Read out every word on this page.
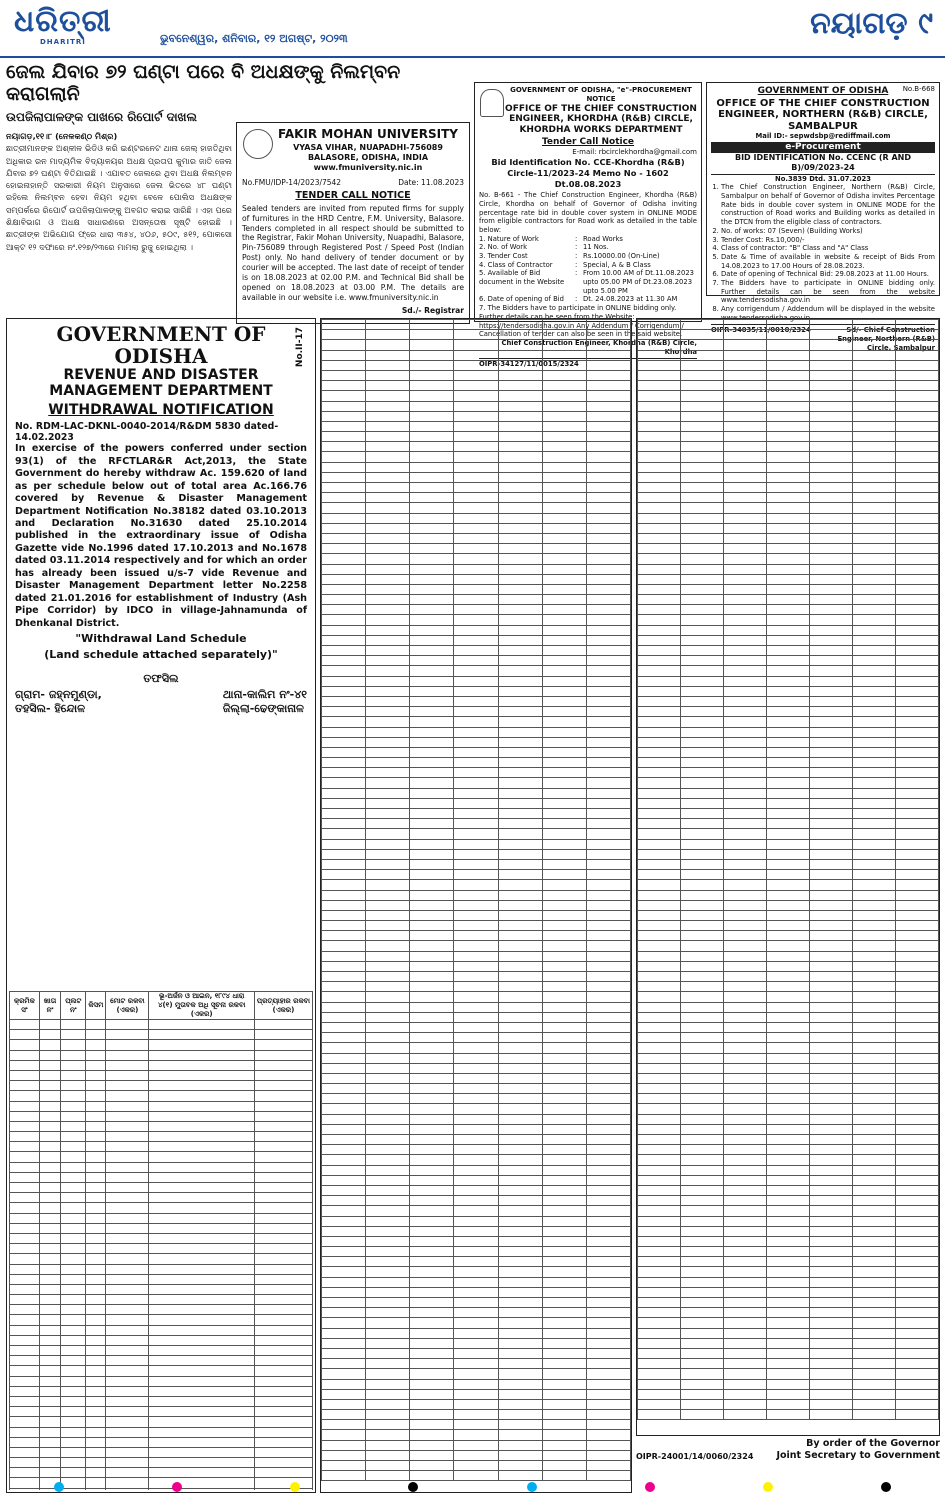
ଧରିତ୍ରୀ
DHARITRI	ଭୁବନେଶ୍ୱର, ଶନିବାର, ୧୨ ଅଗଷ୍ଟ, ୨୦୨୩	ନୟାଗଡ଼ ୯
ଜେଲ ଯିବାର ୭୨ ଘଣ୍ଟା ପରେ ବି ଅଧକ୍ଷଙ୍କୁ ନିଲମ୍ବନ କରାଗଲାନି
ଉପଜିଲାପାଳଙ୍କ ପାଖରେ ରିପୋର୍ଟ ଦାଖଲ
ନୟାଗଡ଼,୧୧।୮ (ନେଳକଣ୍ଠ ମିଶ୍ର)
ଛାତ୍ରୀମାନଙ୍କ ଅଶ୍ଳୀଳ ଭିଡିଓ କରି ଇଣ୍ଟରନେଟ ଥାନା ଜେଲ୍ ହାଜତିଥିବା ଅଧିକାର ରନ ମାଦ୍ୟମିକ ବିଦ୍ୟାଳୟର ଅଧକ୍ଷ ପ୍ରତାପ କୁମାର ଜାତି ଜେଲ ଯିବାର ୭୨ ଘଣ୍ଟା ବିତିଯାଇଛି । ଏଯାବତ ଜେଲରେ ଥିବା ଅଧକ୍ଷ ନିଲମ୍ବନ ହୋଇନାହାନ୍ତି ସରକାରୀ ନିୟମ ଅନୁସାରେ ଜେଲ ଭିତରେ ୪୮ ଘଣ୍ଟା ରହିଲେ ନିଲମ୍ବନ ହେବା ନିୟମ ହଥିବା ବେଳେ ପୋଲିସ ଅଧକ୍ଷଙ୍କ ସମ୍ପର୍କରେ ରିପୋର୍ଟ ଉପଜିଲାପାଳଙ୍କୁ ଅବଗତ କରାଇ ସାରିଛି । ଏହା ପରେ ଶିକ୍ଷାବିଭାଗ ଓ ଅଧକ୍ଷ ସାଧାରଣରେ ଅସନ୍ତୋଷ ସୃଷ୍ଟି ହୋଇଛି । ଛାତ୍ରୀଙ୍କ ଅଭିଯୋଗ ଫ୍ରେ ଧାରା ୩୫୪, ୪୦୬, ୫୦୯, ୫୧୨, ପୋକସୋ ଆକ୍ଟ ୧୨ ଦଫାରେ ନଂ.୧୨୭/୨୩ରେ ମାମଲା ରୁଜୁ ହୋଇଥିଲା ।
FAKIR MOHAN UNIVERSITY
VYASA VIHAR, NUAPADHI-756089
BALASORE, ODISHA, INDIA
www.fmuniversity.nic.in
No.FMU/IDP-14/2023/7542	Date: 11.08.2023
TENDER CALL NOTICE
Sealed tenders are invited from reputed firms for supply of furnitures in the HRD Centre, F.M. University, Balasore. Tenders completed in all respect should be submitted to the Registrar, Fakir Mohan University, Nuapadhi, Balasore, Pin-756089 through Registered Post / Speed Post (Indian Post) only. No hand delivery of tender document or by courier will be accepted. The last date of receipt of tender is on 18.08.2023 at 02.00 P.M. and Technical Bid shall be opened on 18.08.2023 at 03.00 P.M. The details are available in our website i.e. www.fmuniversity.nic.in
Sd./- Registrar
GOVERNMENT OF ODISHA, "e"-PROCUREMENT NOTICE
OFFICE OF THE CHIEF CONSTRUCTION ENGINEER, KHORDHA (R&B) CIRCLE, KHORDHA WORKS DEPARTMENT
Tender Call Notice
E-mail: rbcirclekhordha@gmail.com
Bid Identification No. CCE-Khordha (R&B) Circle-11/2023-24 Memo No - 1602 Dt.08.08.2023
No. B-661 - The Chief Construction Engineer, Khordha (R&B) Circle, Khordha on behalf of Governor of Odisha inviting percentage rate bid in double cover system in ONLINE MODE from eligible contractors for Road work as detailed in the table below:
1. Nature of Work	: Road Works
2. No. of Work	: 11 Nos.
3. Tender Cost	: Rs.10000.00 (On-Line)
4. Class of Contractor	: Special, A & B Class
5. Available of Bid document in the Website
: From 10.00 AM of Dt.11.08.2023 upto 05.00 PM of Dt.23.08.2023 upto 5.00 PM
6. Date of opening of Bid	: Dt. 24.08.2023 at 11.30 AM
7. The Bidders have to participate in ONLINE bidding only. Further details can be seen from the Website: https://tendersodisha.gov.in Any Addendum / Corrigendum / Cancellation of tender can also be seen in the said website.
Chief Construction Engineer, Khordha (R&B) Circle, Khordha
OIPR-34127/11/0015/2324
No.B-668
GOVERNMENT OF ODISHA
OFFICE OF THE CHIEF CONSTRUCTION ENGINEER, NORTHERN (R&B) CIRCLE, SAMBALPUR
Mail ID:- sepwdsbp@rediffmail.com
e-Procurement
BID IDENTIFICATION No. CCENC (R AND B)/09/2023-24
No.3839 Dtd. 31.07.2023
1. The Chief Construction Engineer, Northern (R&B) Circle, Sambalpur on behalf of Governor of Odisha invites Percentage Rate bids in double cover system in ONLINE MODE for the construction of Road works and Building works as detailed in the DTCN from the eligible class of contractors.
2. No. of works: 07 (Seven) (Building Works)
3. Tender Cost: Rs.10,000/-
4. Class of contractor: "B" Class and "A" Class
5. Date & Time of available in website & receipt of Bids From 14.08.2023 to 17.00 Hours of 28.08.2023.
6. Date of opening of Technical Bid: 29.08.2023 at 11.00 Hours.
7. The Bidders have to participate in ONLINE bidding only. Further details can be seen from the website www.tendersodisha.gov.in
8. Any corrigendum / Addendum will be displayed in the website www.tendersodisha.gov.in
OIPR-34035/11/0010/2324	Sd/- Chief Construction Engineer, Northern (R&B) Circle, Sambalpur
No.II-17
GOVERNMENT OF ODISHA
REVENUE AND DISASTER MANAGEMENT DEPARTMENT
WITHDRAWAL NOTIFICATION
No. RDM-LAC-DKNL-0040-2014/R&DM 5830 dated-14.02.2023
In exercise of the powers conferred under section 93(1) of the RFCTLAR&R Act,2013, the State Government do hereby withdraw Ac. 159.620 of land as per schedule below out of total area Ac.166.76 covered by Revenue & Disaster Management Department Notification No.38182 dated 03.10.2013 and Declaration No.31630 dated 25.10.2014 published in the extraordinary issue of Odisha Gazette vide No.1996 dated 17.10.2013 and No.1678 dated 03.11.2014 respectively and for which an order has already been issued u/s-7 vide Revenue and Disaster Management Department letter No.2258 dated 21.01.2016 for establishment of Industry (Ash Pipe Corridor) by IDCO in village-Jahnamunda of Dhenkanal District.
"Withdrawal Land Schedule
(Land schedule attached separately)"
ତଫସିଲ
ଗ୍ରାମ- ଜହ୍ନମୁଣ୍ଡା,
ତହସିଲ- ହିନ୍ଦୋଳ
ଥାନା-କାଲିମ ନଂ-୪୧
ଜିଲ୍ଲା-ଢେଙ୍କାନାଳ
କ୍ରମିକ ସଂ	ଖାତା ନଂ	ପ୍ଲଟ ନଂ	କିସମ	ମୋଟ ରକବା (ଏକର)	ଭୂ-ଅର୍ଜନ ଓ ଆଇନ, ୧୮୯୪ ଧାରା ୪(୧) ମୁତାବକ ଅଧି ସୂଚନା ରକବା (ଏକର)	ପ୍ରତ୍ୟାହାର ରକବା (ଏକର)

OIPR-24001/14/0060/2324
By order of the Governor
Joint Secretary to Government
